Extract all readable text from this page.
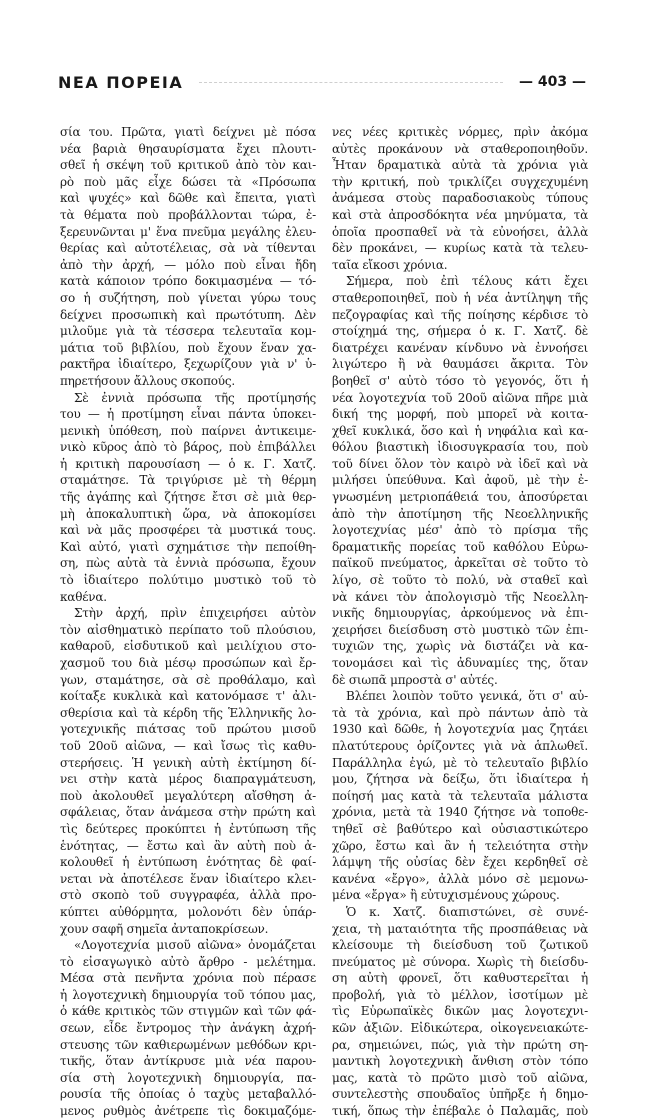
ΝΕΑ ΠΟΡΕΙΑ	— 403 —
σία του. Πρῶτα, γιατὶ δείχνει μὲ πόσα
νέα βαριὰ θησαυρίσματα ἔχει πλουτι-
σθεῖ ἡ σκέψη τοῦ κριτικοῦ ἀπὸ τὸν και-
ρὸ ποὺ μᾶς εἶχε δώσει τὰ «Πρόσωπα
καὶ ψυχές» καὶ δῶθε καὶ ἔπειτα, γιατὶ
τὰ θέματα ποὺ προβάλλονται τώρα, ἐ-
ξερευνῶνται μ' ἕνα πνεῦμα μεγάλης ἐλευ-
θερίας καὶ αὐτοτέλειας, σὰ νὰ τίθενται
ἀπὸ τὴν ἀρχή, — μόλο ποὺ εἶναι ἤδη
κατὰ κάποιον τρόπο δοκιμασμένα — τό-
σο ἡ συζήτηση, ποὺ γίνεται γύρω τους
δείχνει προσωπικὴ καὶ πρωτότυπη. Δὲν
μιλοῦμε γιὰ τὰ τέσσερα τελευταῖα κομ-
μάτια τοῦ βιβλίου, ποὺ ἔχουν ἕναν χα-
ρακτῆρα ἰδιαίτερο, ξεχωρίζουν γιὰ ν' ὑ-
πηρετήσουν ἄλλους σκοπούς.
Σὲ ἐννιὰ πρόσωπα τῆς προτίμησής
του — ἡ προτίμηση εἶναι πάντα ὑποκει-
μενικὴ ὑπόθεση, ποὺ παίρνει ἀντικειμε-
νικὸ κῦρος ἀπὸ τὸ βάρος, ποὺ ἐπιβάλλει
ἡ κριτικὴ παρουσίαση — ὁ κ. Γ. Χατζ.
σταμάτησε. Τὰ τριγύρισε μὲ τὴ θέρμη
τῆς ἀγάπης καὶ ζήτησε ἔτσι σὲ μιὰ θερ-
μὴ ἀποκαλυπτικὴ ὥρα, νὰ ἀποκομίσει
καὶ νὰ μᾶς προσφέρει τὰ μυστικά τους.
Καὶ αὐτό, γιατὶ σχημάτισε τὴν πεποίθη-
ση, πὼς αὐτὰ τὰ ἐννιὰ πρόσωπα, ἔχουν
τὸ ἰδιαίτερο πολύτιμο μυστικὸ τοῦ τὸ
καθένα.
Στὴν ἀρχή, πρὶν ἐπιχειρήσει αὐτὸν
τὸν αἰσθηματικὸ περίπατο τοῦ πλούσιου,
καθαροῦ, εἰσδυτικοῦ καὶ μειλίχιου στο-
χασμοῦ του διὰ μέσῳ προσώπων καὶ ἔρ-
γων, σταμάτησε, σὰ σὲ προθάλαμο, καὶ
κοίταξε κυκλικὰ καὶ κατονόμασε τ' ἀλι-
σθερίσια καὶ τὰ κέρδη τῆς Ἑλληνικῆς λο-
γοτεχνικῆς πιάτσας τοῦ πρώτου μισοῦ
τοῦ 20οῦ αἰῶνα, — καὶ ἴσως τὶς καθυ-
στερήσεις. Ἡ γενικὴ αὐτὴ ἐκτίμηση δί-
νει στὴν κατὰ μέρος διαπραγμάτευση,
ποὺ ἀκολουθεῖ μεγαλύτερη αἴσθηση ἀ-
σφάλειας, ὅταν ἀνάμεσα στὴν πρώτη καὶ
τὶς δεύτερες προκύπτει ἡ ἐντύπωση τῆς
ἑνότητας, — ἔστω καὶ ἂν αὐτὴ ποὺ ἀ-
κολουθεῖ ἡ ἐντύπωση ἑνότητας δὲ φαί-
νεται νὰ ἀποτέλεσε ἕναν ἰδιαίτερο κλει-
στὸ σκοπὸ τοῦ συγγραφέα, ἀλλὰ προ-
κύπτει αὐθόρμητα, μολονότι δὲν ὑπάρ-
χουν σαφῆ σημεῖα ἀνταποκρίσεων.
«Λογοτεχνία μισοῦ αἰῶνα» ὀνομάζεται
τὸ εἰσαγωγικὸ αὐτὸ ἄρθρο - μελέτημα.
Μέσα στὰ πενῆντα χρόνια ποὺ πέρασε
ἡ λογοτεχνικὴ δημιουργία τοῦ τόπου μας,
ὁ κάθε κριτικὸς τῶν στιγμῶν καὶ τῶν φά-
σεων, εἶδε ἔντρομος τὴν ἀνάγκη ἀχρή-
στευσης τῶν καθιερωμένων μεθόδων κρι-
τικῆς, ὅταν ἀντίκρυσε μιὰ νέα παρου-
σία στὴ λογοτεχνικὴ δημιουργία, πα-
ρουσία τῆς ὁποίας ὁ ταχὺς μεταβαλλό-
μενος ρυθμὸς ἀνέτρεπε τὶς δοκιμαζόμε-
νες νέες κριτικὲς νόρμες, πρὶν ἀκόμα
αὐτὲς προκάνουν νὰ σταθεροποιηθοῦν.
Ἦταν δραματικὰ αὐτὰ τὰ χρόνια γιὰ
τὴν κριτική, ποὺ τρικλίζει συγχεχυμένη
ἀνάμεσα στοὺς παραδοσιακοὺς τύπους
καὶ στὰ ἀπροσδόκητα νέα μηνύματα, τὰ
ὁποῖα προσπαθεῖ νὰ τὰ εὐνοήσει, ἀλλὰ
δὲν προκάνει, — κυρίως κατὰ τὰ τελευ-
ταῖα εἴκοσι χρόνια.
Σήμερα, ποὺ ἐπὶ τέλους κάτι ἔχει
σταθεροποιηθεῖ, ποὺ ἡ νέα ἀντίληψη τῆς
πεζογραφίας καὶ τῆς ποίησης κέρδισε τὸ
στοίχημά της, σήμερα ὁ κ. Γ. Χατζ. δὲ
διατρέχει κανέναν κίνδυνο νὰ ἐννοήσει
λιγώτερο ἢ νὰ θαυμάσει ἄκριτα. Τὸν
βοηθεῖ σ' αὐτὸ τόσο τὸ γεγονός, ὅτι ἡ
νέα λογοτεχνία τοῦ 20οῦ αἰῶνα πῆρε μιὰ
δική της μορφή, ποὺ μπορεῖ νὰ κοιτα-
χθεῖ κυκλικά, ὅσο καὶ ἡ νηφάλια καὶ κα-
θόλου βιαστικὴ ἰδιοσυγκρασία του, ποὺ
τοῦ δίνει ὅλον τὸν καιρὸ νὰ ἰδεῖ καὶ νὰ
μιλήσει ὑπεύθυνα. Καὶ ἀφοῦ, μὲ τὴν ἐ-
γνωσμένη μετριοπάθειά του, ἀποσύρεται
ἀπὸ τὴν ἀποτίμηση τῆς Νεοελληνικῆς
λογοτεχνίας μέσ' ἀπὸ τὸ πρίσμα τῆς
δραματικῆς πορείας τοῦ καθόλου Εὐρω-
παϊκοῦ πνεύματος, ἀρκεῖται σὲ τοῦτο τὸ
λίγο, σὲ τοῦτο τὸ πολύ, νὰ σταθεῖ καὶ
νὰ κάνει τὸν ἀπολογισμὸ τῆς Νεοελλη-
νικῆς δημιουργίας, ἀρκούμενος νὰ ἐπι-
χειρήσει διείσδυση στὸ μυστικὸ τῶν ἐπι-
τυχιῶν της, χωρὶς νὰ διστάζει νὰ κα-
τονομάσει καὶ τὶς ἀδυναμίες της, ὅταν
δὲ σιωπᾶ μπροστὰ σ' αὐτές.
Βλέπει λοιπὸν τοῦτο γενικά, ὅτι σ' αὐ-
τὰ τὰ χρόνια, καὶ πρὸ πάντων ἀπὸ τὰ
1930 καὶ δῶθε, ἡ λογοτεχνία μας ζητάει
πλατύτερους ὁρίζοντες γιὰ νὰ ἁπλωθεῖ.
Παράλληλα ἐγώ, μὲ τὸ τελευταῖο βιβλίο
μου, ζήτησα νὰ δείξω, ὅτι ἰδιαίτερα ἡ
ποίησή μας κατὰ τὰ τελευταῖα μάλιστα
χρόνια, μετὰ τὰ 1940 ζήτησε νὰ τοποθε-
τηθεῖ σὲ βαθύτερο καὶ οὐσιαστικώτερο
χῶρο, ἔστω καὶ ἂν ἡ τελειότητα στὴν
λάμψη τῆς οὐσίας δὲν ἔχει κερδηθεῖ σὲ
κανένα «ἔργο», ἀλλὰ μόνο σὲ μεμονω-
μένα «ἔργα» ἢ εὐτυχισμένους χώρους.
Ὁ κ. Χατζ. διαπιστώνει, σὲ συνέ-
χεια, τὴ ματαιότητα τῆς προσπάθειας νὰ
κλείσουμε τὴ διείσδυση τοῦ ζωτικοῦ
πνεύματος μὲ σύνορα. Χωρὶς τὴ διείσδυ-
ση αὐτὴ φρονεῖ, ὅτι καθυστερεῖται ἡ
προβολή, γιὰ τὸ μέλλον, ἰσοτίμων μὲ
τὶς Εὐρωπαϊκὲς δικῶν μας λογοτεχνι-
κῶν ἀξιῶν. Εἰδικώτερα, οἰκογενειακώτε-
ρα, σημειώνει, πώς, γιὰ τὴν πρώτη ση-
μαντικὴ λογοτεχνικὴ ἄνθιση στὸν τόπο
μας, κατὰ τὸ πρῶτο μισὸ τοῦ αἰῶνα,
συντελεστὴς σπουδαῖος ὑπῆρξε ἡ δημο-
τική, ὅπως τὴν ἐπέβαλε ὁ Παλαμᾶς, ποὺ
